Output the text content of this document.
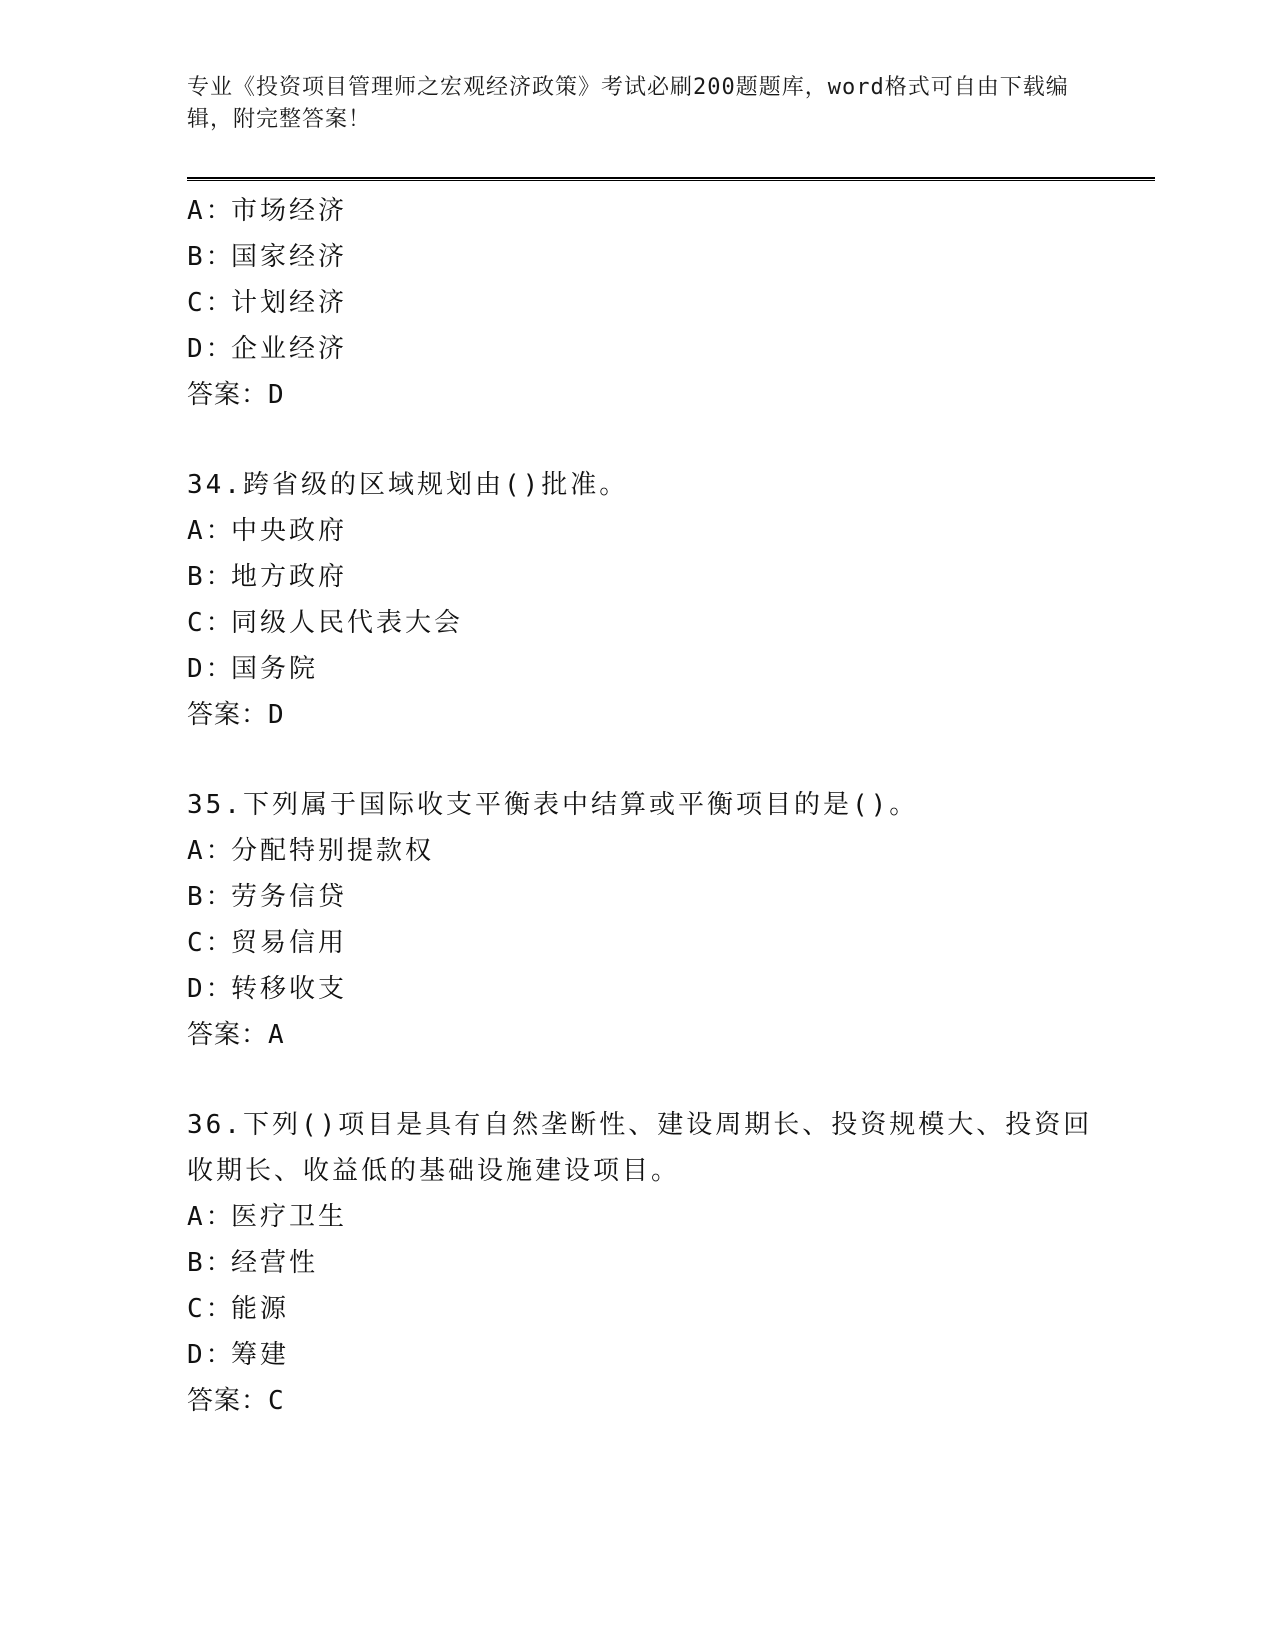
专业《投资项目管理师之宏观经济政策》考试必刷200题题库，word格式可自由下载编辑，附完整答案！
A：市场经济
B：国家经济
C：计划经济
D：企业经济
答案：D
34.跨省级的区域规划由()批准。
A：中央政府
B：地方政府
C：同级人民代表大会
D：国务院
答案：D
35.下列属于国际收支平衡表中结算或平衡项目的是()。
A：分配特别提款权
B：劳务信贷
C：贸易信用
D：转移收支
答案：A
36.下列()项目是具有自然垄断性、建设周期长、投资规模大、投资回
收期长、收益低的基础设施建设项目。
A：医疗卫生
B：经营性
C：能源
D：筹建
答案：C
